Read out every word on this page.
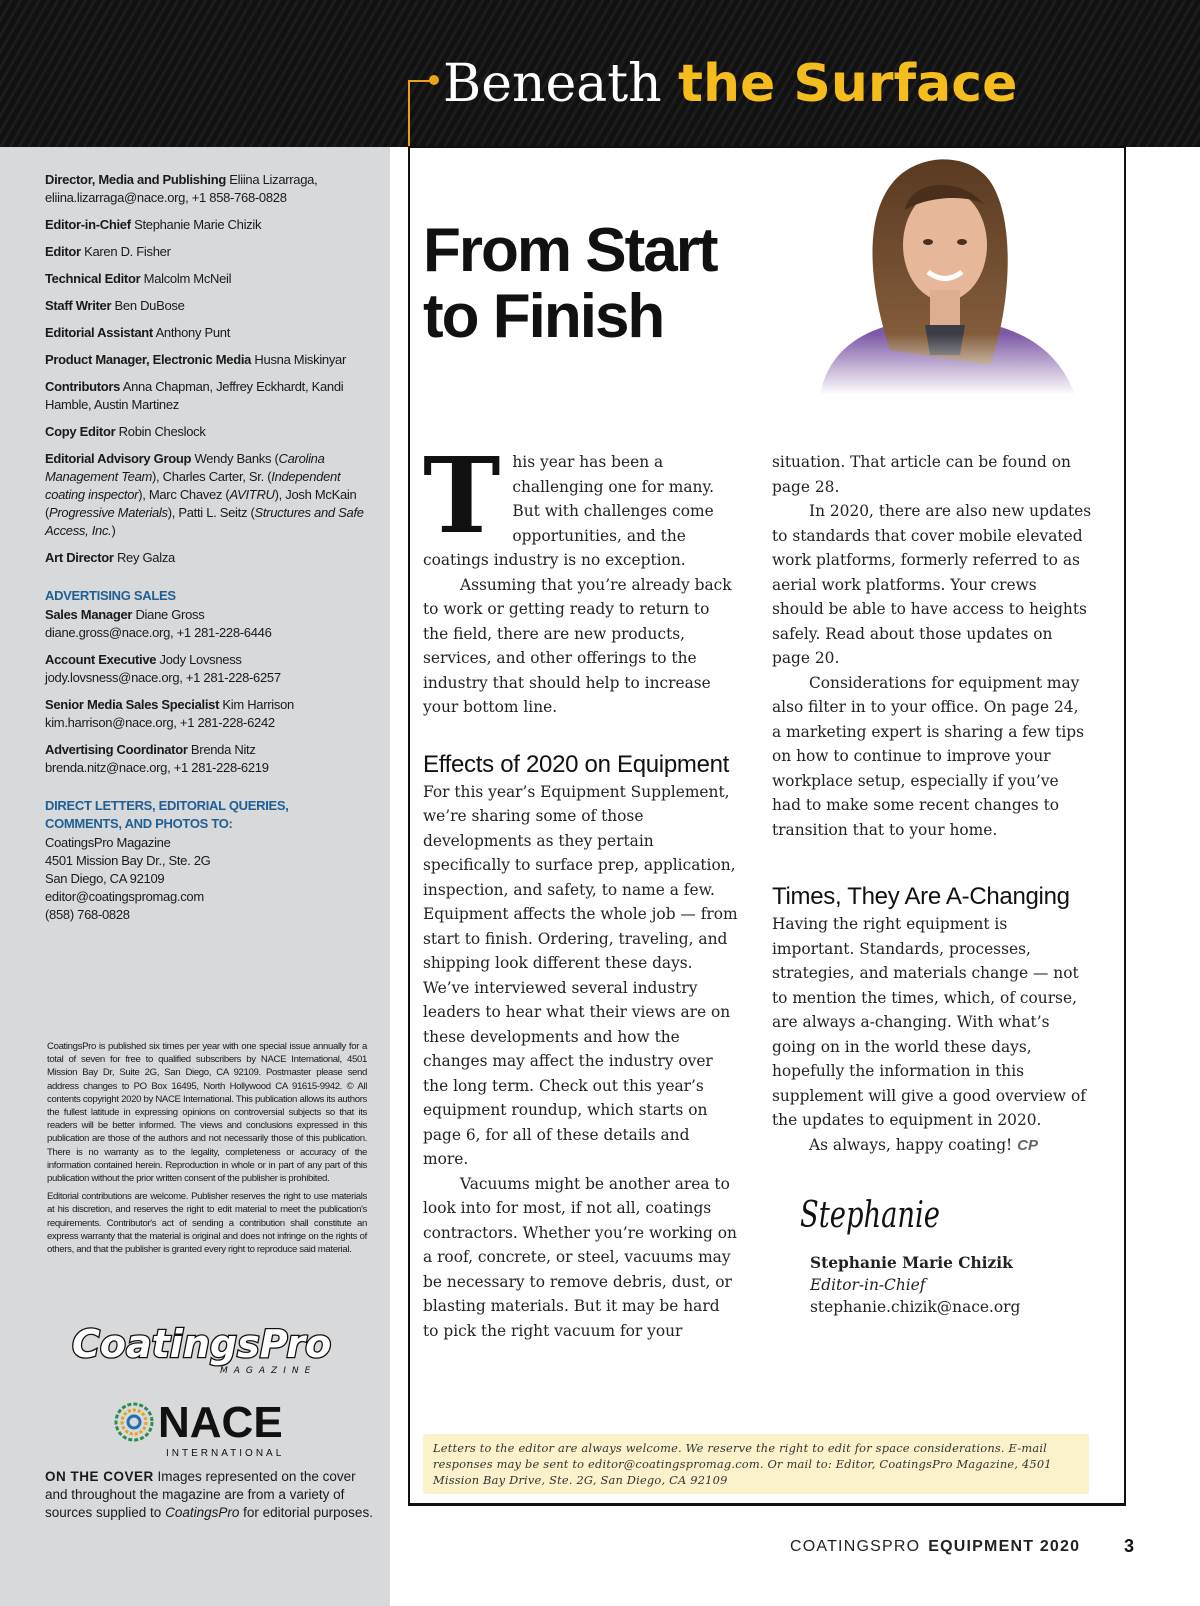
Beneath the Surface
Director, Media and Publishing Eliina Lizarraga,
eliina.lizarraga@nace.org, +1 858-768-0828
Editor-in-Chief Stephanie Marie Chizik
Editor Karen D. Fisher
Technical Editor Malcolm McNeil
Staff Writer Ben DuBose
Editorial Assistant Anthony Punt
Product Manager, Electronic Media Husna Miskinyar
Contributors Anna Chapman, Jeffrey Eckhardt, Kandi Hamble, Austin Martinez
Copy Editor Robin Cheslock
Editorial Advisory Group Wendy Banks (Carolina Management Team), Charles Carter, Sr. (Independent coating inspector), Marc Chavez (AVITRU), Josh McKain (Progressive Materials), Patti L. Seitz (Structures and Safe Access, Inc.)
Art Director Rey Galza
ADVERTISING SALES
Sales Manager Diane Gross
diane.gross@nace.org, +1 281-228-6446
Account Executive Jody Lovsness
jody.lovsness@nace.org, +1 281-228-6257
Senior Media Sales Specialist Kim Harrison
kim.harrison@nace.org, +1 281-228-6242
Advertising Coordinator Brenda Nitz
brenda.nitz@nace.org, +1 281-228-6219
DIRECT LETTERS, EDITORIAL QUERIES, COMMENTS, AND PHOTOS TO:
CoatingsPro Magazine
4501 Mission Bay Dr., Ste. 2G
San Diego, CA 92109
editor@coatingspromag.com
(858) 768-0828

CoatingsPro is published six times per year with one special issue annually for a total of seven for free to qualified subscribers by NACE International, 4501 Mission Bay Dr, Suite 2G, San Diego, CA 92109. Postmaster please send address changes to PO Box 16495, North Hollywood CA 91615-9942. © All contents copyright 2020 by NACE International. This publication allows its authors the fullest latitude in expressing opinions on controversial subjects so that its readers will be better informed. The views and conclusions expressed in this publication are those of the authors and not necessarily those of this publication. There is no warranty as to the legality, completeness or accuracy of the information contained herein. Reproduction in whole or in part of any part of this publication without the prior written consent of the publisher is prohibited.

Editorial contributions are welcome. Publisher reserves the right to use materials at his discretion, and reserves the right to edit material to meet the publication's requirements. Contributor's act of sending a contribution shall constitute an express warranty that the material is original and does not infringe on the rights of others, and that the publisher is granted every right to reproduce said material.

CoatingsPro
MAGAZINE
NACE
INTERNATIONAL
ON THE COVER Images represented on the cover and throughout the magazine are from a variety of sources supplied to CoatingsPro for editorial purposes.
From Start
to Finish
T his year has been a challenging one for many. But with challenges come opportunities, and the coatings industry is no exception.

Assuming that you’re already back to work or getting ready to return to the field, there are new products, services, and other offerings to the industry that should help to increase your bottom line.

Effects of 2020 on Equipment

For this year’s Equipment Supplement, we’re sharing some of those developments as they pertain specifically to surface prep, application, inspection, and safety, to name a few. Equipment affects the whole job — from start to finish. Ordering, traveling, and shipping look different these days. We’ve interviewed several industry leaders to hear what their views are on these developments and how the changes may affect the industry over the long term. Check out this year’s equipment roundup, which starts on page 6, for all of these details and more.

Vacuums might be another area to look into for most, if not all, coatings contractors. Whether you’re working on a roof, concrete, or steel, vacuums may be necessary to remove debris, dust, or blasting materials. But it may be hard to pick the right vacuum for your

situation. That article can be found on page 28.

In 2020, there are also new updates to standards that cover mobile elevated work platforms, formerly referred to as aerial work platforms. Your crews should be able to have access to heights safely. Read about those updates on page 20.

Considerations for equipment may also filter in to your office. On page 24, a marketing expert is sharing a few tips on how to continue to improve your workplace setup, especially if you’ve had to make some recent changes to transition that to your home.

Times, They Are A-Changing

Having the right equipment is important. Standards, processes, strategies, and materials change — not to mention the times, which, of course, are always a-changing. With what’s going on in the world these days, hopefully the information in this supplement will give a good overview of the updates to equipment in 2020.

As always, happy coating! CP

Stephanie
Stephanie Marie Chizik
Editor-in-Chief
stephanie.chizik@nace.org
Letters to the editor are always welcome. We reserve the right to edit for space considerations. E-mail responses may be sent to editor@coatingspromag.com. Or mail to: Editor, CoatingsPro Magazine, 4501 Mission Bay Drive, Ste. 2G, San Diego, CA 92109
COATINGSPRO EQUIPMENT 2020 3
